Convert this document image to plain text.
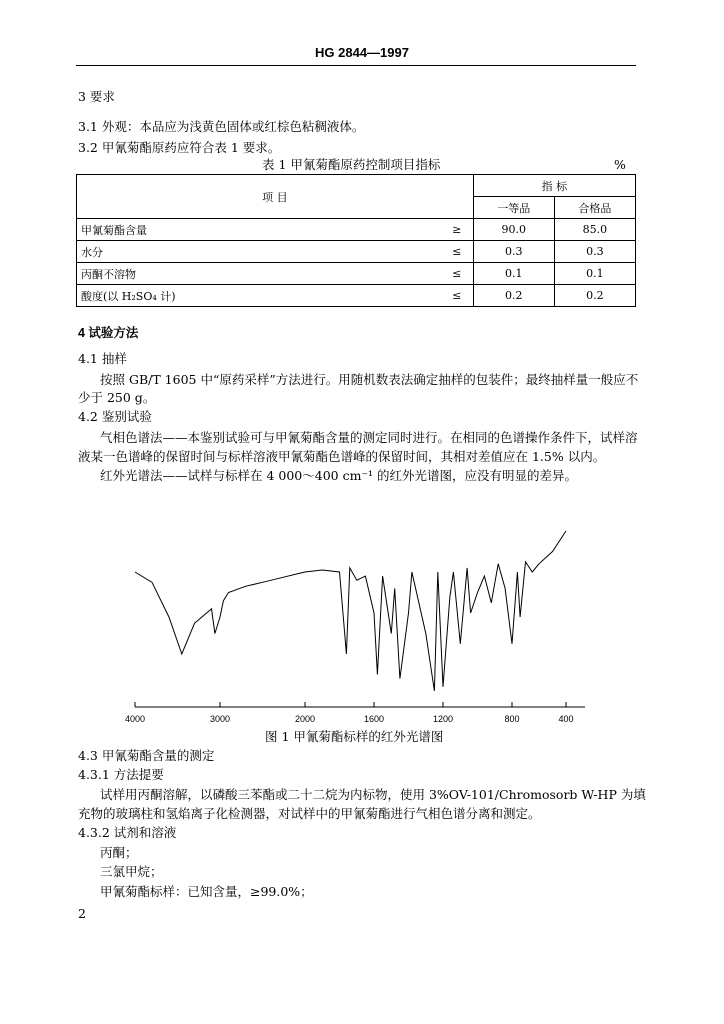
HG 2844—1997
3 要求
3.1 外观：本品应为浅黄色固体或红棕色粘稠液体。
3.2 甲氰菊酯原药应符合表 1 要求。
表 1 甲氰菊酯原药控制项目指标	%
项 目		指 标	
		一等品	合格品
甲氰菊酯含量	≥	90.0	85.0
水分	≤	0.3	0.3
丙酮不溶物	≤	0.1	0.1
酸度(以 H₂SO₄ 计)	≤	0.2	0.2
4 试验方法
4.1 抽样
按照 GB/T 1605 中“原药采样”方法进行。用随机数表法确定抽样的包装件；最终抽样量一般应不
少于 250 g。
4.2 鉴别试验
气相色谱法——本鉴别试验可与甲氰菊酯含量的测定同时进行。在相同的色谱操作条件下，试样溶
液某一色谱峰的保留时间与标样溶液甲氰菊酯色谱峰的保留时间，其相对差值应在 1.5% 以内。
红外光谱法——试样与标样在 4 000～400 cm⁻¹ 的红外光谱图，应没有明显的差异。
4000	3000	2000	1600	1200	800	400
图 1 甲氰菊酯标样的红外光谱图
4.3 甲氰菊酯含量的测定
4.3.1 方法提要
试样用丙酮溶解，以磷酸三苯酯或二十二烷为内标物，使用 3%OV-101/Chromosorb W-HP 为填
充物的玻璃柱和氢焰离子化检测器，对试样中的甲氰菊酯进行气相色谱分离和测定。
4.3.2 试剂和溶液
丙酮；
三氯甲烷；
甲氰菊酯标样：已知含量，≥99.0%；
2
